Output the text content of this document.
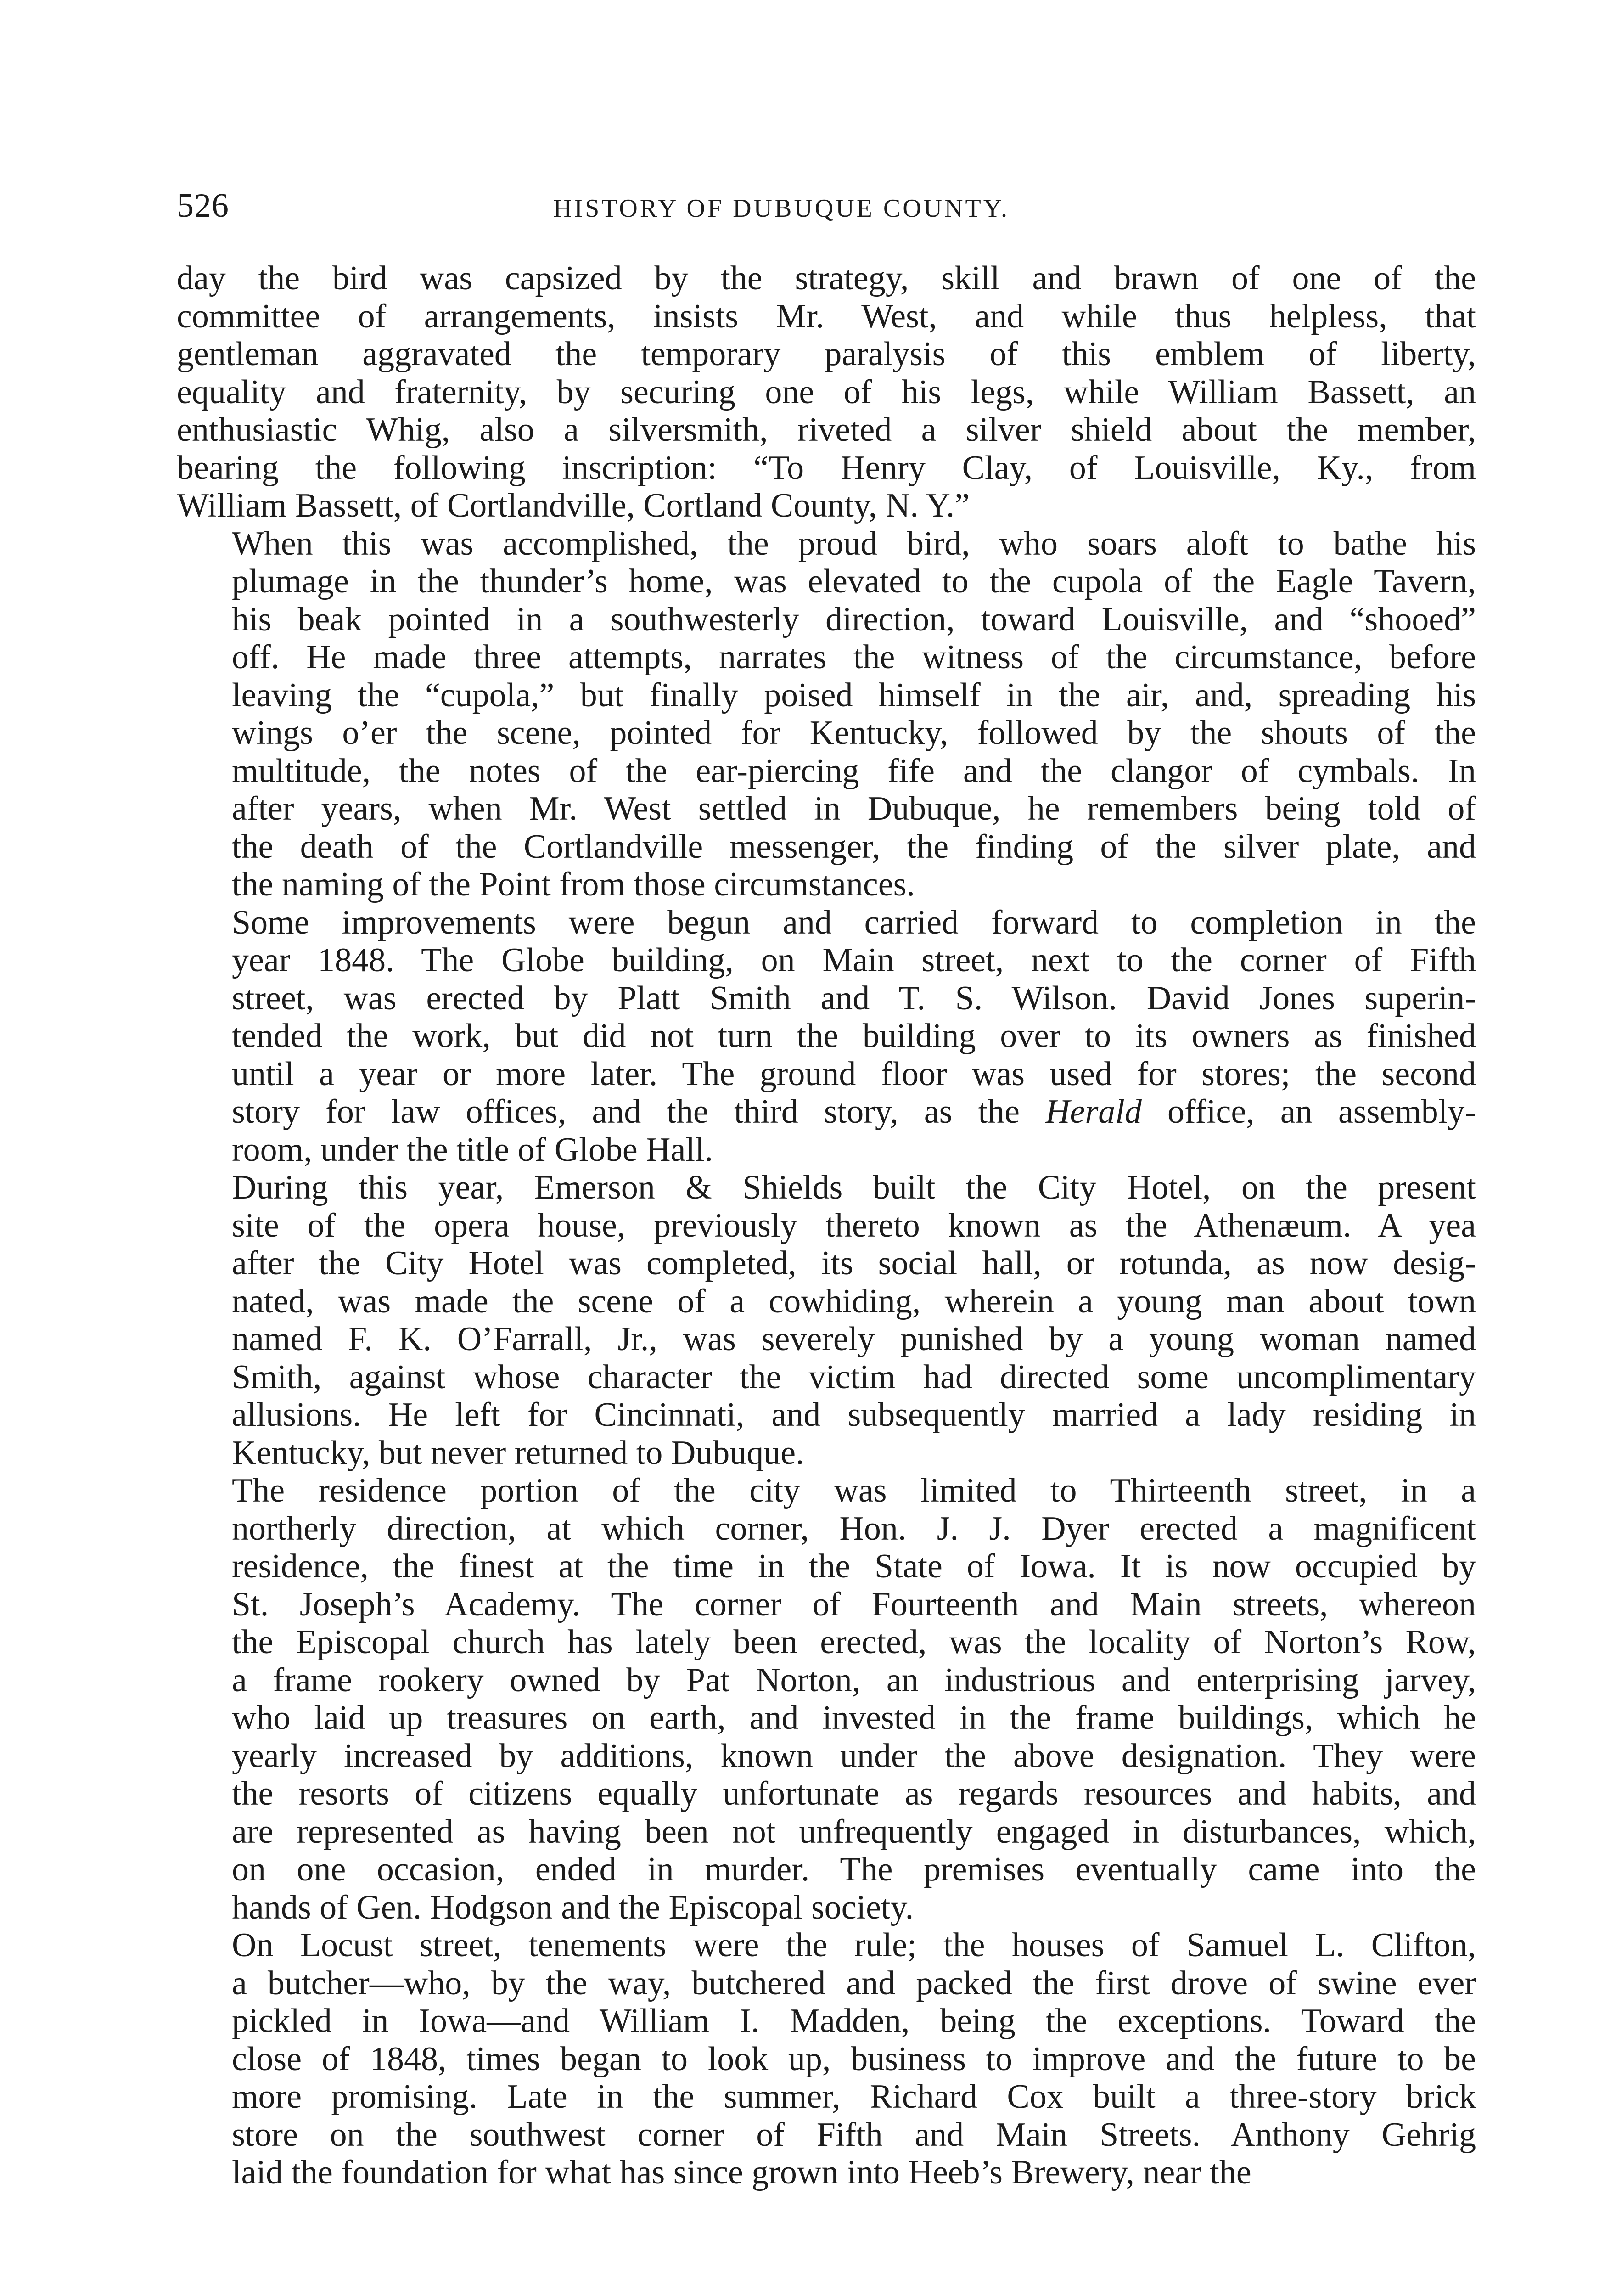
526	HISTORY OF DUBUQUE COUNTY.
day the bird was capsized by the strategy, skill and brawn of one of the
committee of arrangements, insists Mr. West, and while thus helpless, that
gentleman aggravated the temporary paralysis of this emblem of liberty,
equality and fraternity, by securing one of his legs, while William Bassett, an
enthusiastic Whig, also a silversmith, riveted a silver shield about the member,
bearing the following inscription: “To Henry Clay, of Louisville, Ky., from
William Bassett, of Cortlandville, Cortland County, N. Y.”
When this was accomplished, the proud bird, who soars aloft to bathe his
plumage in the thunder’s home, was elevated to the cupola of the Eagle Tavern,
his beak pointed in a southwesterly direction, toward Louisville, and “shooed”
off. He made three attempts, narrates the witness of the circumstance, before
leaving the “cupola,” but finally poised himself in the air, and, spreading his
wings o’er the scene, pointed for Kentucky, followed by the shouts of the
multitude, the notes of the ear-piercing fife and the clangor of cymbals. In
after years, when Mr. West settled in Dubuque, he remembers being told of
the death of the Cortlandville messenger, the finding of the silver plate, and
the naming of the Point from those circumstances.
Some improvements were begun and carried forward to completion in the
year 1848. The Globe building, on Main street, next to the corner of Fifth
street, was erected by Platt Smith and T. S. Wilson. David Jones superin-
tended the work, but did not turn the building over to its owners as finished
until a year or more later. The ground floor was used for stores; the second
story for law offices, and the third story, as the Herald office, an assembly-
room, under the title of Globe Hall.
During this year, Emerson & Shields built the City Hotel, on the present
site of the opera house, previously thereto known as the Athenæum. A yea
after the City Hotel was completed, its social hall, or rotunda, as now desig-
nated, was made the scene of a cowhiding, wherein a young man about town
named F. K. O’Farrall, Jr., was severely punished by a young woman named
Smith, against whose character the victim had directed some uncomplimentary
allusions. He left for Cincinnati, and subsequently married a lady residing in
Kentucky, but never returned to Dubuque.
The residence portion of the city was limited to Thirteenth street, in a
northerly direction, at which corner, Hon. J. J. Dyer erected a magnificent
residence, the finest at the time in the State of Iowa. It is now occupied by
St. Joseph’s Academy. The corner of Fourteenth and Main streets, whereon
the Episcopal church has lately been erected, was the locality of Norton’s Row,
a frame rookery owned by Pat Norton, an industrious and enterprising jarvey,
who laid up treasures on earth, and invested in the frame buildings, which he
yearly increased by additions, known under the above designation. They were
the resorts of citizens equally unfortunate as regards resources and habits, and
are represented as having been not unfrequently engaged in disturbances, which,
on one occasion, ended in murder. The premises eventually came into the
hands of Gen. Hodgson and the Episcopal society.
On Locust street, tenements were the rule; the houses of Samuel L. Clifton,
a butcher—who, by the way, butchered and packed the first drove of swine ever
pickled in Iowa—and William I. Madden, being the exceptions. Toward the
close of 1848, times began to look up, business to improve and the future to be
more promising. Late in the summer, Richard Cox built a three-story brick
store on the southwest corner of Fifth and Main Streets. Anthony Gehrig
laid the foundation for what has since grown into Heeb’s Brewery, near the
